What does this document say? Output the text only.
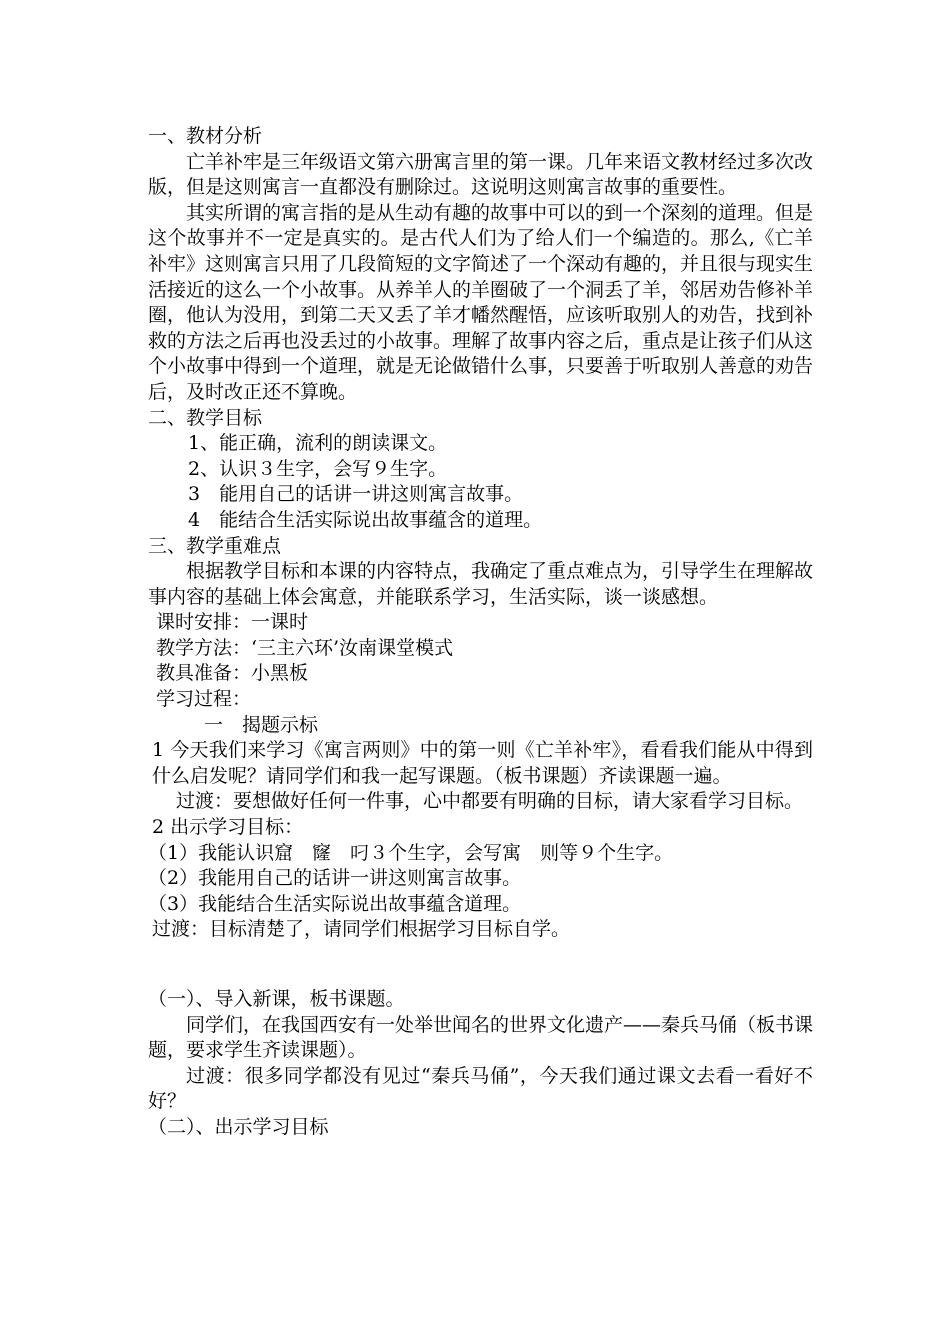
一、教材分析
亡羊补牢是三年级语文第六册寓言里的第一课。几年来语文教材经过多次改版，但是这则寓言一直都没有删除过。这说明这则寓言故事的重要性。
其实所谓的寓言指的是从生动有趣的故事中可以的到一个深刻的道理。但是这个故事并不一定是真实的。是古代人们为了给人们一个编造的。那么,《亡羊补牢》这则寓言只用了几段简短的文字简述了一个深动有趣的，并且很与现实生活接近的这么一个小故事。从养羊人的羊圈破了一个洞丢了羊，邻居劝告修补羊圈，他认为没用，到第二天又丢了羊才幡然醒悟，应该听取别人的劝告，找到补救的方法之后再也没丢过的小故事。理解了故事内容之后，重点是让孩子们从这个小故事中得到一个道理，就是无论做错什么事，只要善于听取别人善意的劝告后，及时改正还不算晚。
二、教学目标
1、能正确，流利的朗读课文。
2、认识３生字，会写９生字。
3　能用自己的话讲一讲这则寓言故事。
4　能结合生活实际说出故事蕴含的道理。
三、教学重难点
根据教学目标和本课的内容特点，我确定了重点难点为，引导学生在理解故事内容的基础上体会寓意，并能联系学习，生活实际，谈一谈感想。
课时安排：一课时
教学方法：‘三主六环’汝南课堂模式
教具准备：小黑板
学习过程：
一　揭题示标
1 今天我们来学习《寓言两则》中的第一则《亡羊补牢》，看看我们能从中得到什么启发呢？请同学们和我一起写课题。（板书课题）齐读课题一遍。
过渡：要想做好任何一件事，心中都要有明确的目标，请大家看学习目标。
2 出示学习目标：
（1）我能认识窟　窿　叼３个生字，会写寓　则等９个生字。
（2）我能用自己的话讲一讲这则寓言故事。
（3）我能结合生活实际说出故事蕴含道理。
过渡：目标清楚了，请同学们根据学习目标自学。
（一）、导入新课，板书课题。
同学们，在我国西安有一处举世闻名的世界文化遗产——秦兵马俑（板书课题，要求学生齐读课题）。
过渡：很多同学都没有见过“秦兵马俑”，今天我们通过课文去看一看好不好？
（二）、出示学习目标
